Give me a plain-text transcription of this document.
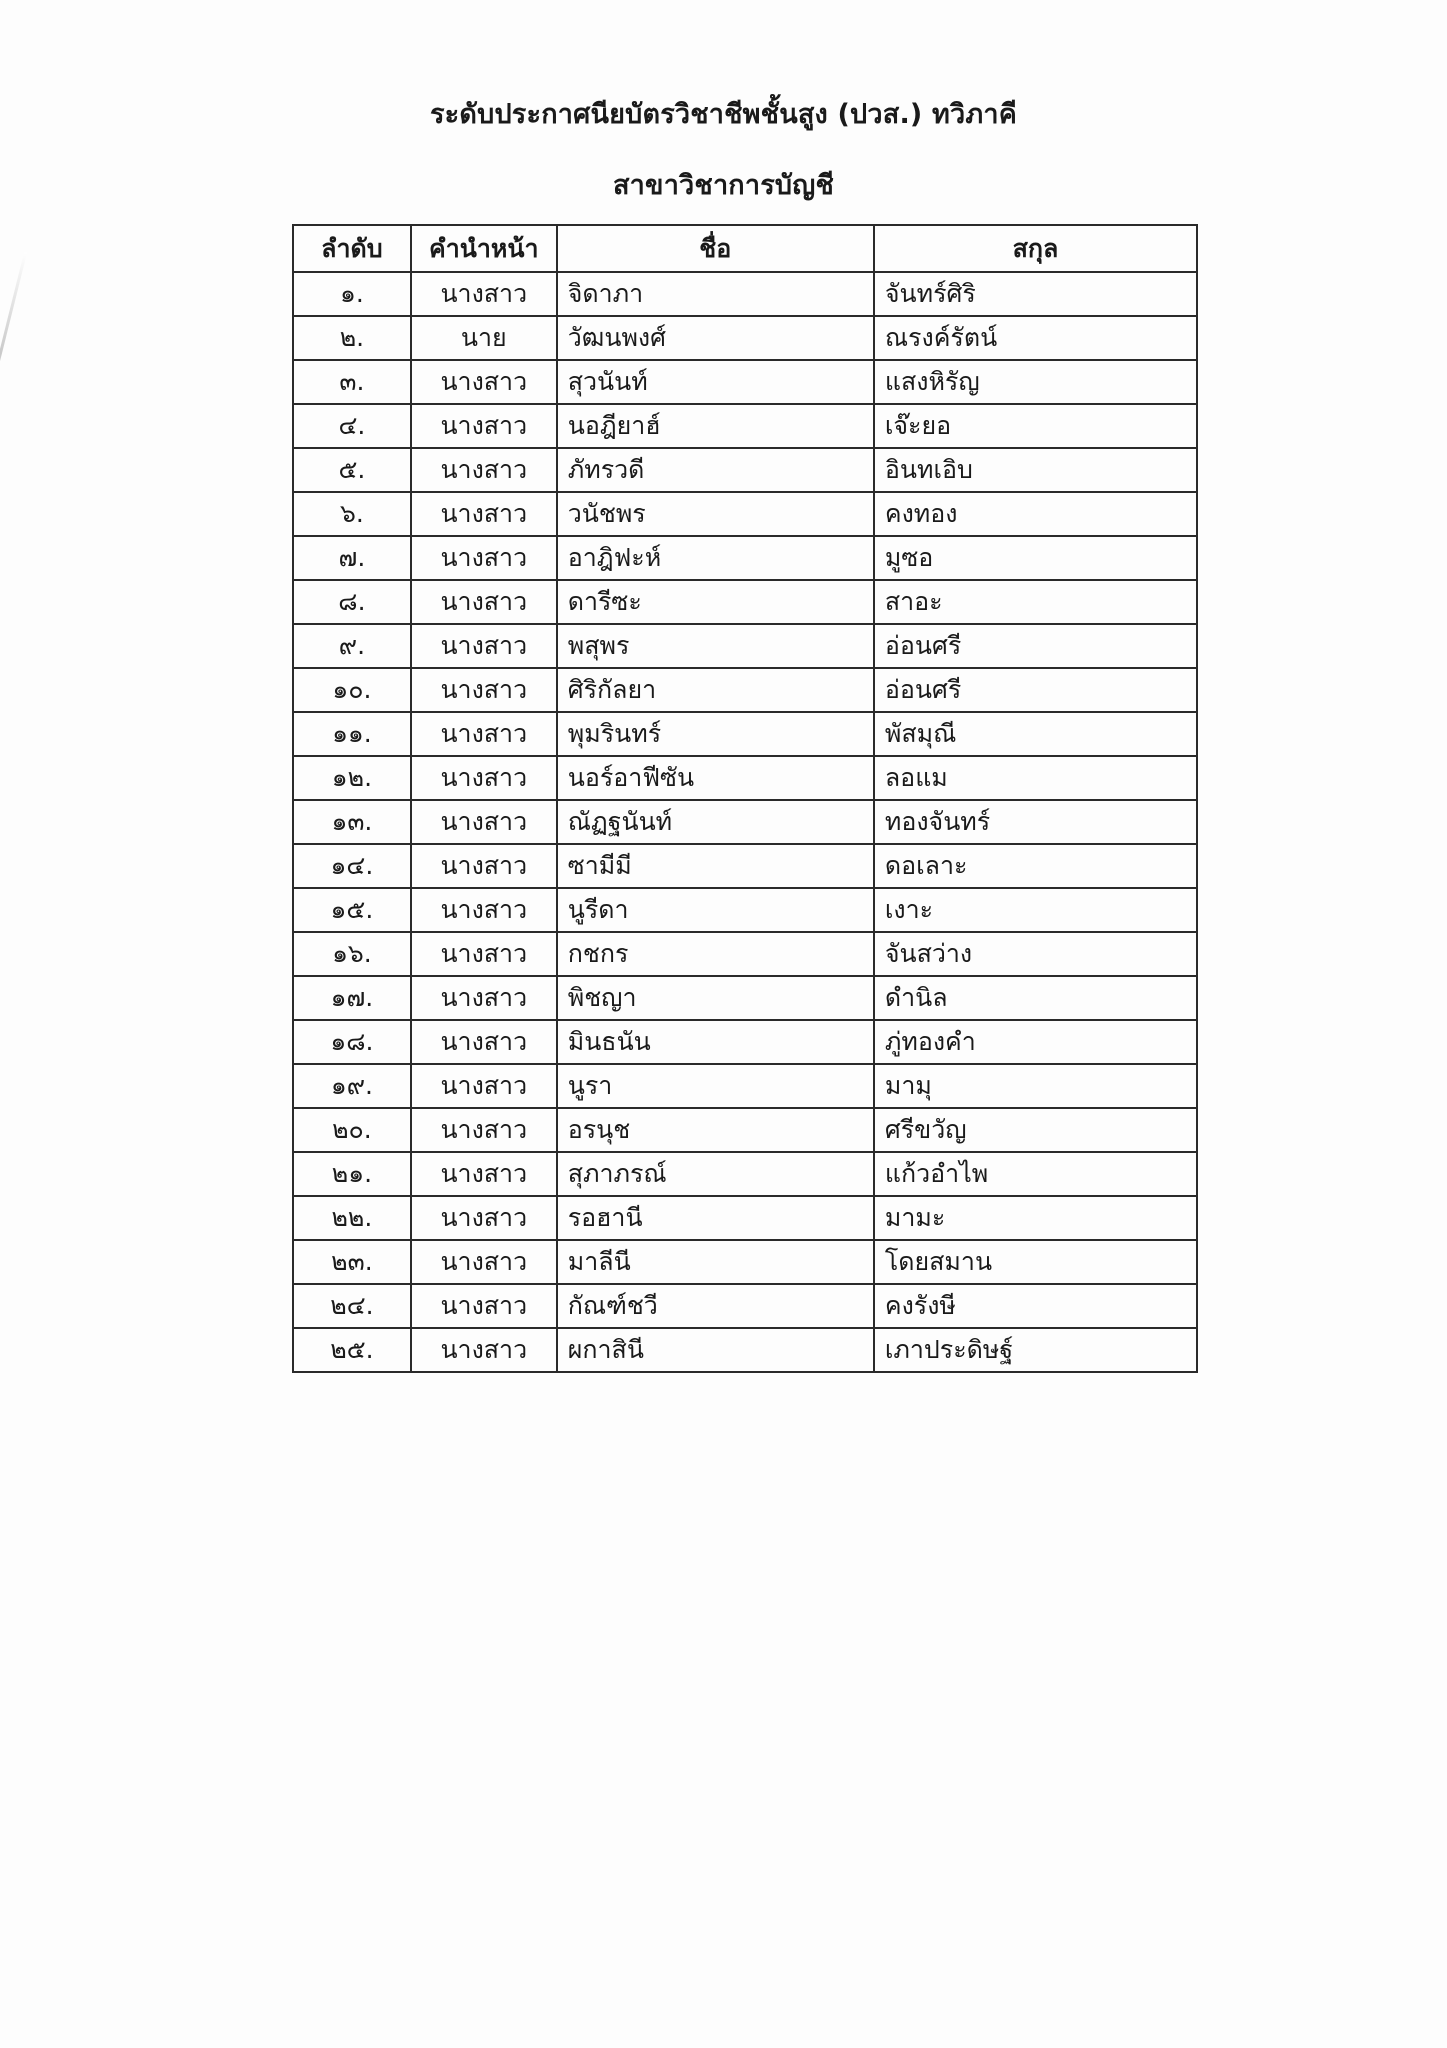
ระดับประกาศนียบัตรวิชาชีพชั้นสูง (ปวส.) ทวิภาคี
สาขาวิชาการบัญชี
ลำดับ	คำนำหน้า	ชื่อ	สกุล
๑.	นางสาว	จิดาภา	จันทร์ศิริ
๒.	นาย	วัฒนพงศ์	ณรงค์รัตน์
๓.	นางสาว	สุวนันท์	แสงหิรัญ
๔.	นางสาว	นอฎียาฮ์	เจ๊ะยอ
๕.	นางสาว	ภัทรวดี	อินทเอิบ
๖.	นางสาว	วนัชพร	คงทอง
๗.	นางสาว	อาฎิฟะห์	มูซอ
๘.	นางสาว	ดารีซะ	สาอะ
๙.	นางสาว	พสุพร	อ่อนศรี
๑๐.	นางสาว	ศิริกัลยา	อ่อนศรี
๑๑.	นางสาว	พุมรินทร์	พัสมุณี
๑๒.	นางสาว	นอร์อาฟีซัน	ลอแม
๑๓.	นางสาว	ณัฏฐนันท์	ทองจันทร์
๑๔.	นางสาว	ซามีมี	ดอเลาะ
๑๕.	นางสาว	นูรีดา	เงาะ
๑๖.	นางสาว	กชกร	จันสว่าง
๑๗.	นางสาว	พิชญา	ดำนิล
๑๘.	นางสาว	มินธนัน	ภู่ทองคำ
๑๙.	นางสาว	นูรา	มามุ
๒๐.	นางสาว	อรนุช	ศรีขวัญ
๒๑.	นางสาว	สุภาภรณ์	แก้วอำไพ
๒๒.	นางสาว	รอฮานี	มามะ
๒๓.	นางสาว	มาลีนี	โดยสมาน
๒๔.	นางสาว	กัณฑ์ชวี	คงรังษี
๒๕.	นางสาว	ผกาสินี	เภาประดิษฐ์
